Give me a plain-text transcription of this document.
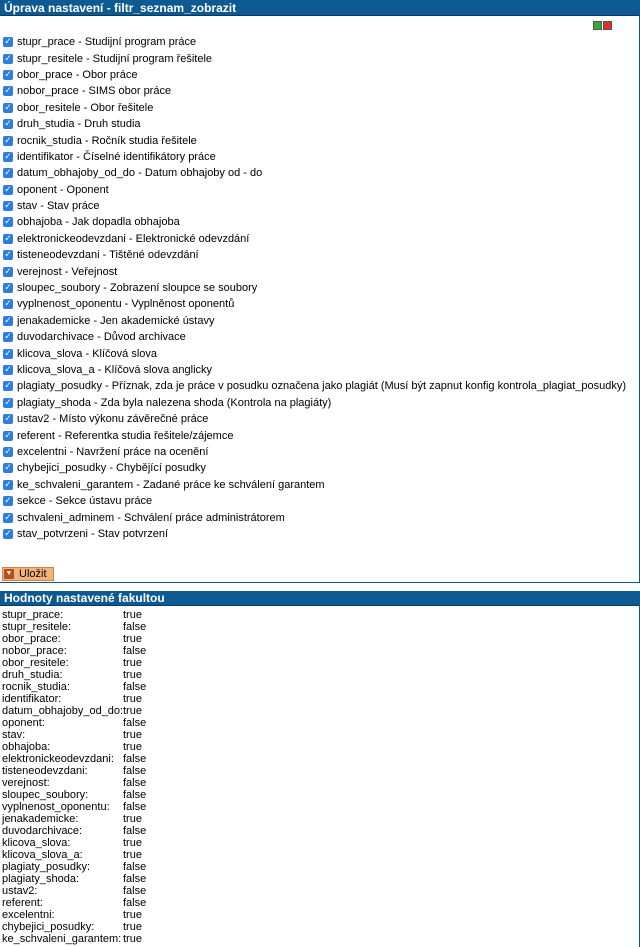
Úprava nastavení - filtr_seznam_zobrazit
✓ stupr_prace - Studijní program práce
✓ stupr_resitele - Studijní program řešitele
✓ obor_prace - Obor práce
✓ nobor_prace - SIMS obor práce
✓ obor_resitele - Obor řešitele
✓ druh_studia - Druh studia
✓ rocnik_studia - Ročník studia řešitele
✓ identifikator - Číselné identifikátory práce
✓ datum_obhajoby_od_do - Datum obhajoby od - do
✓ oponent - Oponent
✓ stav - Stav práce
✓ obhajoba - Jak dopadla obhajoba
✓ elektronickeodevzdani - Elektronické odevzdání
✓ tisteneodevzdani - Tištěné odevzdání
✓ verejnost - Veřejnost
✓ sloupec_soubory - Zobrazení sloupce se soubory
✓ vyplnenost_oponentu - Vyplněnost oponentů
✓ jenakademicke - Jen akademické ústavy
✓ duvodarchivace - Důvod archivace
✓ klicova_slova - Klíčová slova
✓ klicova_slova_a - Klíčová slova anglicky
✓ plagiaty_posudky - Příznak, zda je práce v posudku označena jako plagiát (Musí být zapnut konfig kontrola_plagiat_posudky)
✓ plagiaty_shoda - Zda byla nalezena shoda (Kontrola na plagiáty)
✓ ustav2 - Místo výkonu závěrečné práce
✓ referent - Referentka studia řešitele/zájemce
✓ excelentni - Navržení práce na ocenění
✓ chybejici_posudky - Chybějící posudky
✓ ke_schvaleni_garantem - Zadané práce ke schválení garantem
✓ sekce - Sekce ústavu práce
✓ schvaleni_adminem - Schválení práce administrátorem
✓ stav_potvrzeni - Stav potvrzení
▼ Uložit
Hodnoty nastavené fakultou
stupr_prace:	true
stupr_resitele:	false
obor_prace:	true
nobor_prace:	false
obor_resitele:	true
druh_studia:	true
rocnik_studia:	false
identifikator:	true
datum_obhajoby_od_do: true
oponent:	false
stav:	true
obhajoba:	true
elektronickeodevzdani: false
tisteneodevzdani:	false
verejnost:	false
sloupec_soubory:	false
vyplnenost_oponentu:	false
jenakademicke:	true
duvodarchivace:	false
klicova_slova:	true
klicova_slova_a:	true
plagiaty_posudky:	false
plagiaty_shoda:	false
ustav2:	false
referent:	false
excelentni:	true
chybejici_posudky:	true
ke_schvaleni_garantem: true
